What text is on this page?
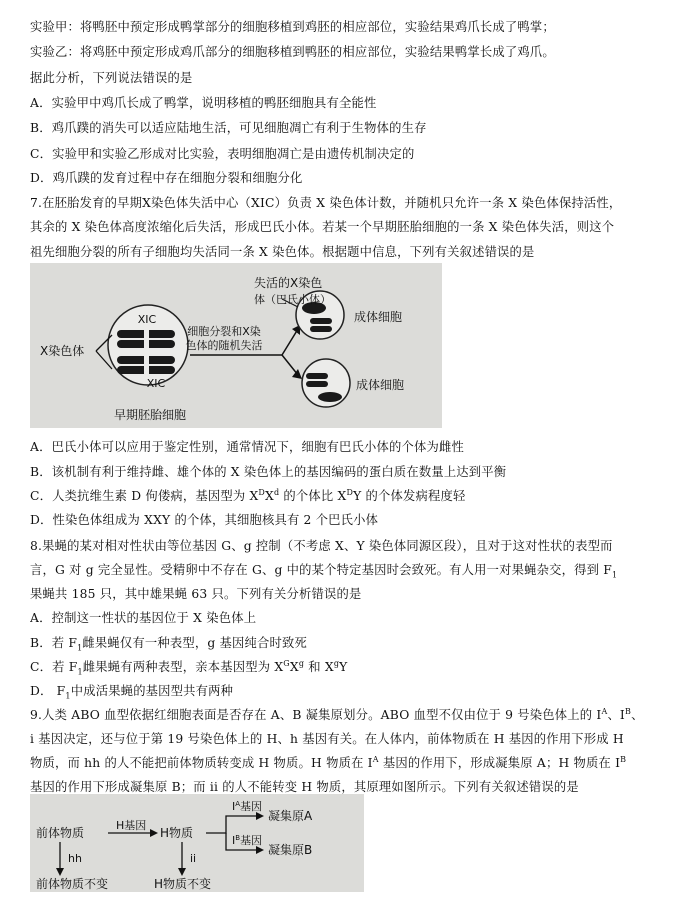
实验甲：将鸭胚中预定形成鸭掌部分的细胞移植到鸡胚的相应部位，实验结果鸡爪长成了鸭掌；
实验乙：将鸡胚中预定形成鸡爪部分的细胞移植到鸭胚的相应部位，实验结果鸭掌长成了鸡爪。
据此分析，下列说法错误的是
A．实验甲中鸡爪长成了鸭掌，说明移植的鸭胚细胞具有全能性
B．鸡爪蹼的消失可以适应陆地生活，可见细胞凋亡有利于生物体的生存
C．实验甲和实验乙形成对比实验，表明细胞凋亡是由遗传机制决定的
D．鸡爪蹼的发育过程中存在细胞分裂和细胞分化
7.在胚胎发育的早期X染色体失活中心（XIC）负责 X 染色体计数，并随机只允许一条 X 染色体保持活性，
其余的 X 染色体高度浓缩化后失活，形成巴氏小体。若某一个早期胚胎细胞的一条 X 染色体失活，则这个
祖先细胞分裂的所有子细胞均失活同一条 X 染色体。根据题中信息，下列有关叙述错误的是
XIC
XIC
X染色体
早期胚胎细胞
细胞分裂和X染
色体的随机失活
失活的X染色
体（巴氏小体）
成体细胞
成体细胞
A．巴氏小体可以应用于鉴定性别，通常情况下，细胞有巴氏小体的个体为雌性
B．该机制有利于维持雌、雄个体的 X 染色体上的基因编码的蛋白质在数量上达到平衡
C．人类抗维生素 D 佝偻病，基因型为 $X^DX^d$ 的个体比 $X^DY$ 的个体发病程度轻
D．性染色体组成为 XXY 的个体，其细胞核具有 2 个巴氏小体
8.果蝇的某对相对性状由等位基因 G、g 控制（不考虑 X、Y 染色体同源区段），且对于这对性状的表型而
言，G 对 g 完全显性。受精卵中不存在 G、g 中的某个特定基因时会致死。有人用一对果蝇杂交，得到 $F_1$
果蝇共 185 只，其中雄果蝇 63 只。下列有关分析错误的是
A．控制这一性状的基因位于 X 染色体上
B．若 $F_1$雌果蝇仅有一种表型，g 基因纯合时致死
C．若 $F_1$雌果蝇有两种表型，亲本基因型为 $X^GX^g$ 和 $X^gY$
D． $F_1$中成活果蝇的基因型共有两种
9.人类 ABO 血型依据红细胞表面是否存在 A、B 凝集原划分。ABO 血型不仅由位于 9 号染色体上的 $I^A$、$I^B$、
i 基因决定，还与位于第 19 号染色体上的 H、h 基因有关。在人体内，前体物质在 H 基因的作用下形成 H
物质，而 hh 的人不能把前体物质转变成 H 物质。H 物质在 $I^A$ 基因的作用下，形成凝集原 A；H 物质在 $I^B$
基因的作用下形成凝集原 B；而 ii 的人不能转变 H 物质，其原理如图所示。下列有关叙述错误的是
前体物质
H基因
H物质
$I^A$基因
$I^B$基因
凝集原A
凝集原B
hh	ii
前体物质不变	H物质不变
